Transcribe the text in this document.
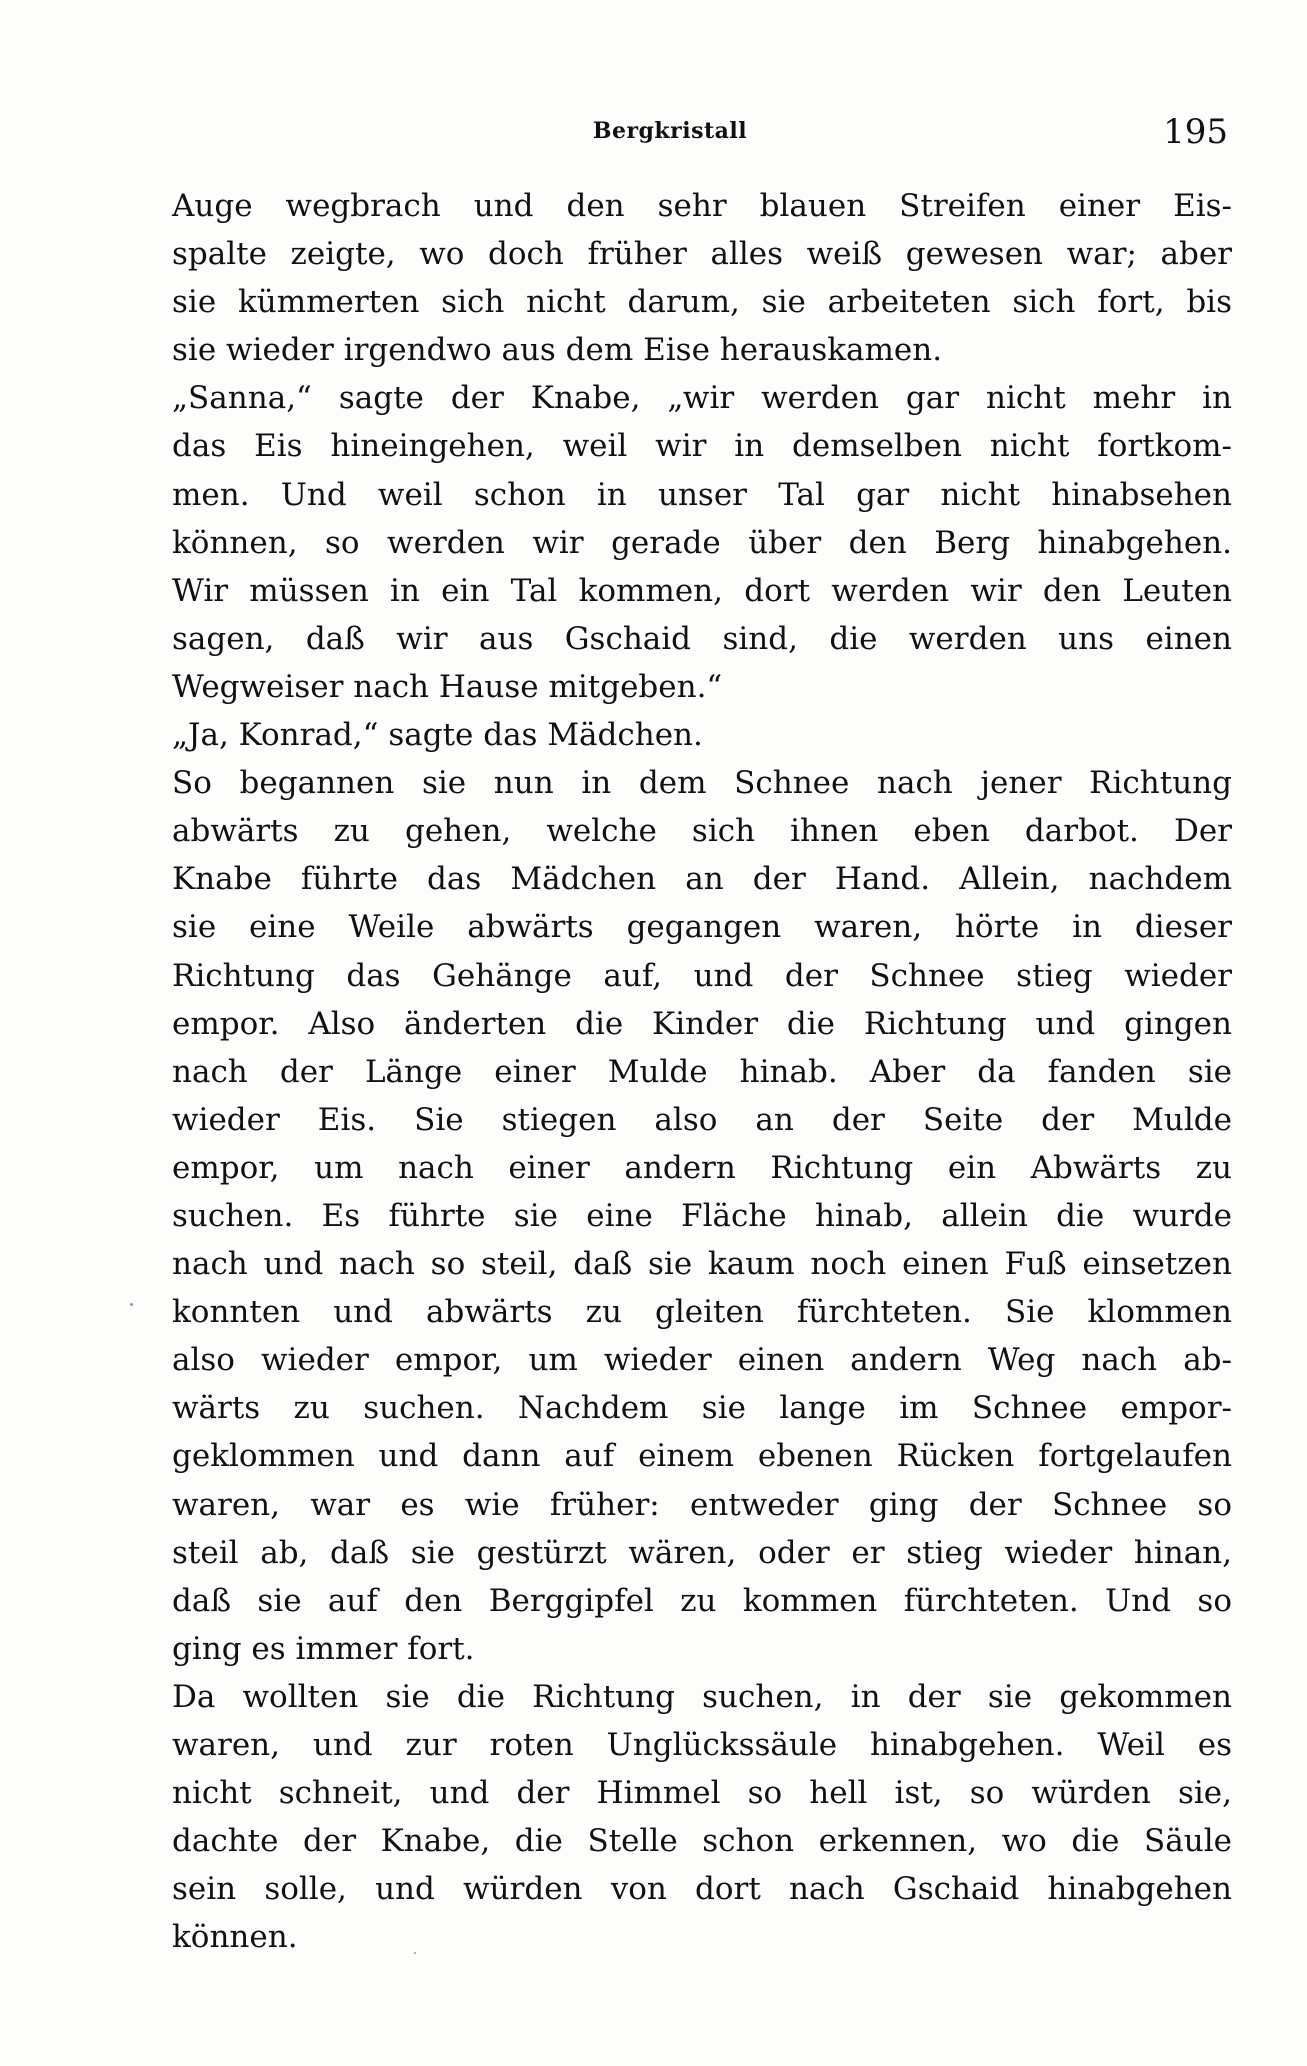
Bergkristall	195
Auge wegbrach und den sehr blauen Streifen einer Eis-
spalte zeigte, wo doch früher alles weiß gewesen war; aber
sie kümmerten sich nicht darum, sie arbeiteten sich fort, bis
sie wieder irgendwo aus dem Eise herauskamen.
„Sanna,“ sagte der Knabe, „wir werden gar nicht mehr in
das Eis hineingehen, weil wir in demselben nicht fortkom-
men. Und weil schon in unser Tal gar nicht hinabsehen
können, so werden wir gerade über den Berg hinabgehen.
Wir müssen in ein Tal kommen, dort werden wir den Leuten
sagen, daß wir aus Gschaid sind, die werden uns einen
Wegweiser nach Hause mitgeben.“
„Ja, Konrad,“ sagte das Mädchen.
So begannen sie nun in dem Schnee nach jener Richtung
abwärts zu gehen, welche sich ihnen eben darbot. Der
Knabe führte das Mädchen an der Hand. Allein, nachdem
sie eine Weile abwärts gegangen waren, hörte in dieser
Richtung das Gehänge auf, und der Schnee stieg wieder
empor. Also änderten die Kinder die Richtung und gingen
nach der Länge einer Mulde hinab. Aber da fanden sie
wieder Eis. Sie stiegen also an der Seite der Mulde
empor, um nach einer andern Richtung ein Abwärts zu
suchen. Es führte sie eine Fläche hinab, allein die wurde
nach und nach so steil, daß sie kaum noch einen Fuß einsetzen
konnten und abwärts zu gleiten fürchteten. Sie klommen
also wieder empor, um wieder einen andern Weg nach ab-
wärts zu suchen. Nachdem sie lange im Schnee empor-
geklommen und dann auf einem ebenen Rücken fortgelaufen
waren, war es wie früher: entweder ging der Schnee so
steil ab, daß sie gestürzt wären, oder er stieg wieder hinan,
daß sie auf den Berggipfel zu kommen fürchteten. Und so
ging es immer fort.
Da wollten sie die Richtung suchen, in der sie gekommen
waren, und zur roten Unglückssäule hinabgehen. Weil es
nicht schneit, und der Himmel so hell ist, so würden sie,
dachte der Knabe, die Stelle schon erkennen, wo die Säule
sein solle, und würden von dort nach Gschaid hinabgehen
können.
